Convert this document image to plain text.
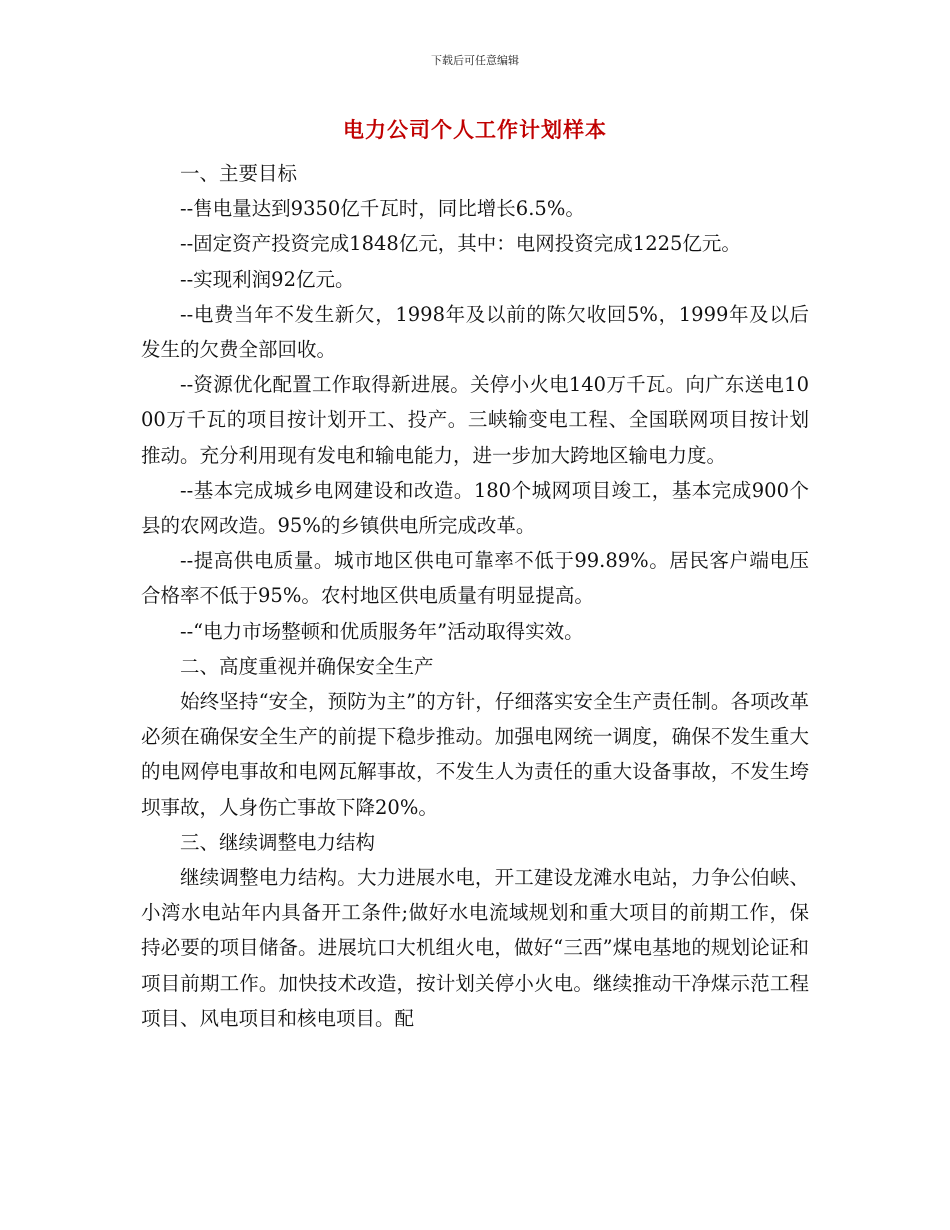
下载后可任意编辑
电力公司个人工作计划样本

一、主要目标

--售电量达到9350亿千瓦时，同比增长6.5%。

--固定资产投资完成1848亿元，其中：电网投资完成1225亿元。

--实现利润92亿元。

--电费当年不发生新欠，1998年及以前的陈欠收回5%，1999年及以后发生的欠费全部回收。

--资源优化配置工作取得新进展。关停小火电140万千瓦。向广东送电1000万千瓦的项目按计划开工、投产。三峡输变电工程、全国联网项目按计划推动。充分利用现有发电和输电能力，进一步加大跨地区输电力度。

--基本完成城乡电网建设和改造。180个城网项目竣工，基本完成900个县的农网改造。95%的乡镇供电所完成改革。

--提高供电质量。城市地区供电可靠率不低于99.89%。居民客户端电压合格率不低于95%。农村地区供电质量有明显提高。

--“电力市场整顿和优质服务年”活动取得实效。

二、高度重视并确保安全生产

始终坚持“安全，预防为主”的方针，仔细落实安全生产责任制。各项改革必须在确保安全生产的前提下稳步推动。加强电网统一调度，确保不发生重大的电网停电事故和电网瓦解事故，不发生人为责任的重大设备事故，不发生垮坝事故，人身伤亡事故下降20%。

三、继续调整电力结构

继续调整电力结构。大力进展水电，开工建设龙滩水电站，力争公伯峡、小湾水电站年内具备开工条件;做好水电流域规划和重大项目的前期工作，保持必要的项目储备。进展坑口大机组火电，做好“三西”煤电基地的规划论证和项目前期工作。加快技术改造，按计划关停小火电。继续推动干净煤示范工程项目、风电项目和核电项目。配
